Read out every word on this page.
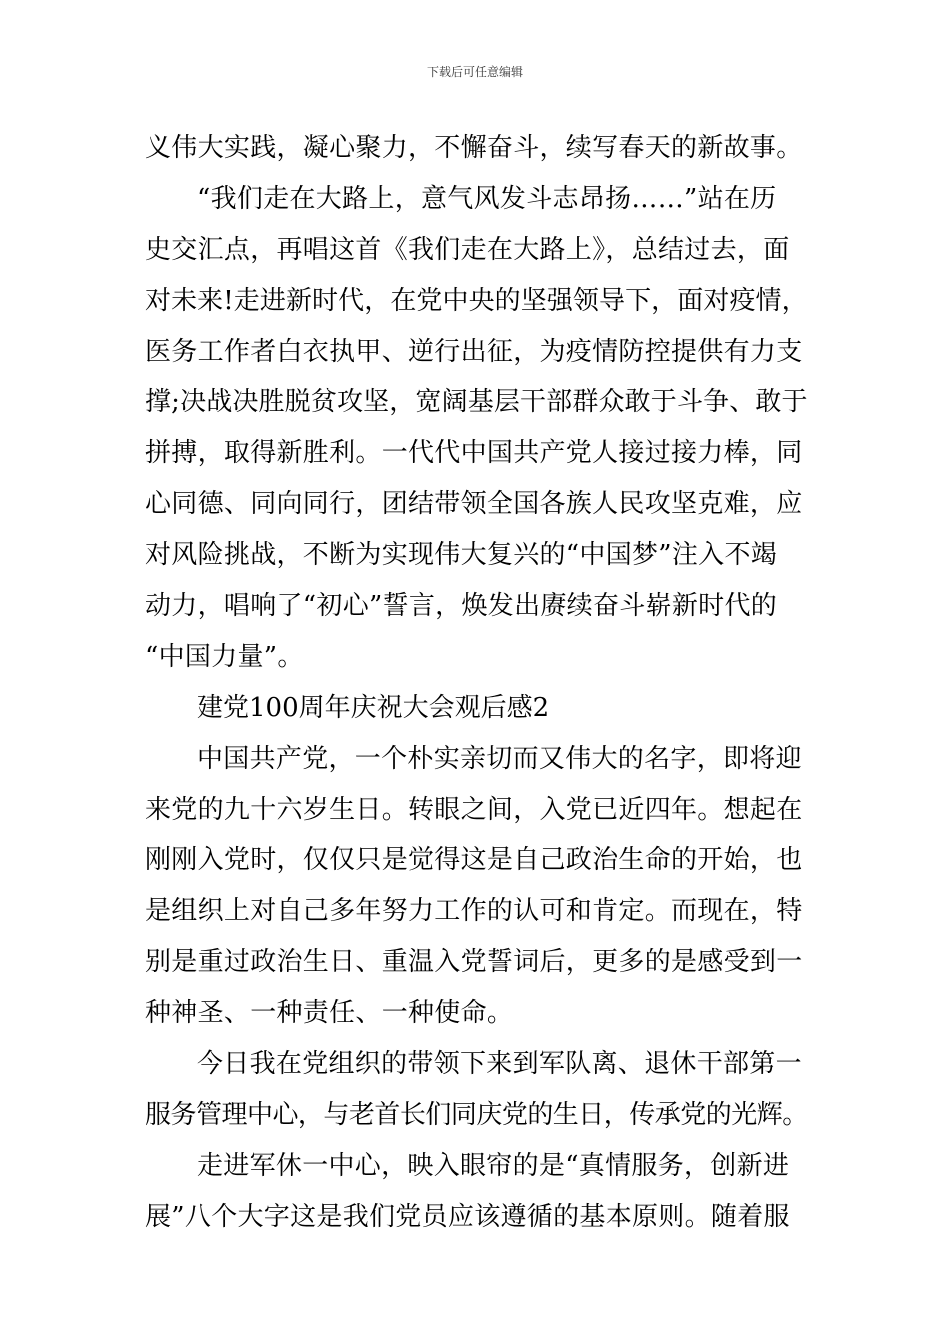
下载后可任意编辑
义伟大实践，凝心聚力，不懈奋斗，续写春天的新故事。
“我们走在大路上，意气风发斗志昂扬……”站在历
史交汇点，再唱这首《我们走在大路上》，总结过去，面
对未来!走进新时代，在党中央的坚强领导下，面对疫情，
医务工作者白衣执甲、逆行出征，为疫情防控提供有力支
撑;决战决胜脱贫攻坚，宽阔基层干部群众敢于斗争、敢于
拼搏，取得新胜利。一代代中国共产党人接过接力棒，同
心同德、同向同行，团结带领全国各族人民攻坚克难，应
对风险挑战，不断为实现伟大复兴的“中国梦”注入不竭
动力，唱响了“初心”誓言，焕发出赓续奋斗崭新时代的
“中国力量”。
建党100周年庆祝大会观后感2
中国共产党，一个朴实亲切而又伟大的名字，即将迎
来党的九十六岁生日。转眼之间，入党已近四年。想起在
刚刚入党时，仅仅只是觉得这是自己政治生命的开始，也
是组织上对自己多年努力工作的认可和肯定。而现在，特
别是重过政治生日、重温入党誓词后，更多的是感受到一
种神圣、一种责任、一种使命。
今日我在党组织的带领下来到军队离、退休干部第一
服务管理中心，与老首长们同庆党的生日，传承党的光辉。
走进军休一中心，映入眼帘的是“真情服务，创新进
展”八个大字这是我们党员应该遵循的基本原则。随着服
